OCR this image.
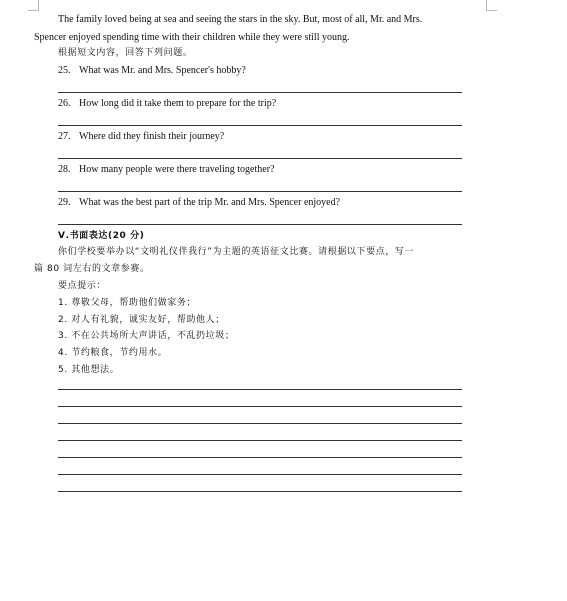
The family loved being at sea and seeing the stars in the sky. But, most of all, Mr. and Mrs.
Spencer enjoyed spending time with their children while they were still young.
根据短文内容，回答下列问题。
25. What was Mr. and Mrs. Spencer's hobby?
26. How long did it take them to prepare for the trip?
27. Where did they finish their journey?
28. How many people were there traveling together?
29. What was the best part of the trip Mr. and Mrs. Spencer enjoyed?
Ⅴ.书面表达(20 分)
你们学校要举办以“文明礼仪伴我行”为主题的英语征文比赛。请根据以下要点，写一
篇 80 词左右的文章参赛。
要点提示：
1. 尊敬父母，帮助他们做家务；
2. 对人有礼貌，诚实友好，帮助他人；
3. 不在公共场所大声讲话，不乱扔垃圾；
4. 节约粮食，节约用水。
5. 其他想法。
